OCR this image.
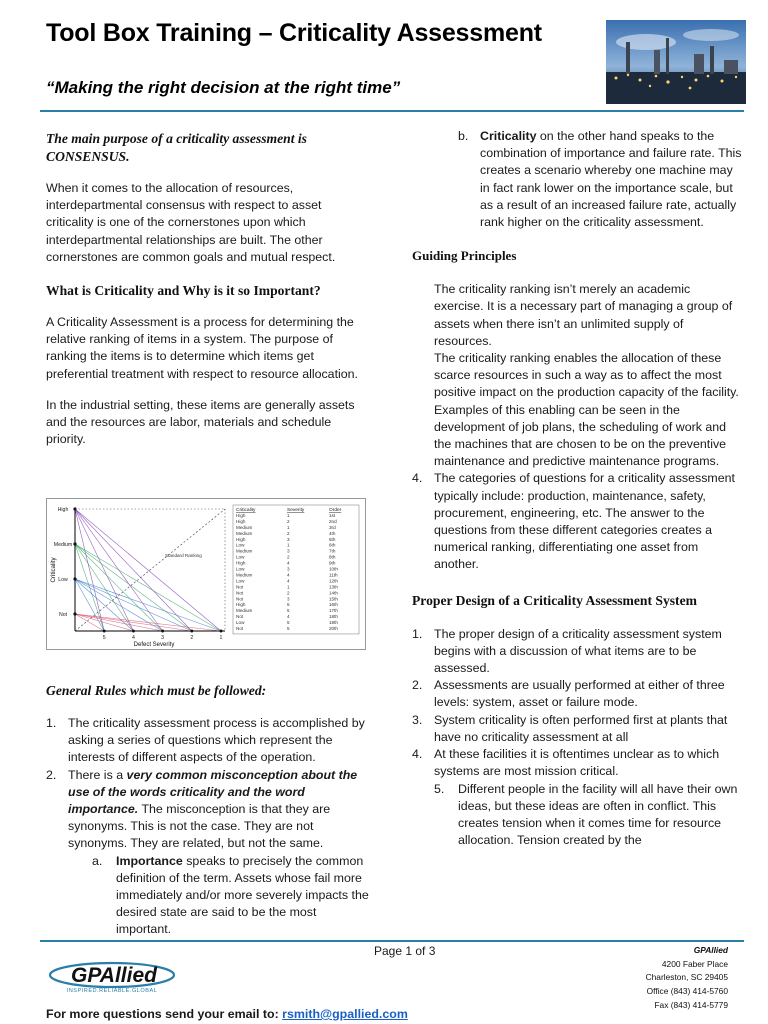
Tool Box Training – Criticality Assessment
“Making the right decision at the right time”

The main purpose of a criticality assessment is CONSENSUS.

When it comes to the allocation of resources, interdepartmental consensus with respect to asset criticality is one of the cornerstones upon which interdepartmental relationships are built. The other cornerstones are common goals and mutual respect.

What is Criticality and Why is it so Important?

A Criticality Assessment is a process for determining the relative ranking of items in a system. The purpose of ranking the items is to determine which items get preferential treatment with respect to resource allocation.

In the industrial setting, these items are generally assets and the resources are labor, materials and schedule priority.

High
Medium
Low
Not
Standard Ranking
5	4	3	2	1
Defect Severity
Criticality
Criticality	Severity	Order
High	1	1st
High	2	2nd
Medium	1	3rd
Medium	2	4th
High	3	5th
Low	1	6th
Medium	3	7th
Low	2	8th
High	4	9th
Low	3	10th
Medium	4	11th
Low	4	12th
Not	1	13th
Not	2	14th
Not	3	15th
High	5	16th
Medium	5	17th
Not	4	18th
Low	5	19th
Not	5	20th

General Rules which must be followed:

1. The criticality assessment process is accomplished by asking a series of questions which represent the interests of different aspects of the operation.
2. There is a very common misconception about the use of the words criticality and the word importance. The misconception is that they are synonyms. This is not the case. They are not synonyms. They are related, but not the same.
a. Importance speaks to precisely the common definition of the term. Assets whose fail more immediately and/or more severely impacts the desired state are said to be the most important.
b. Criticality on the other hand speaks to the combination of importance and failure rate. This creates a scenario whereby one machine may in fact rank lower on the importance scale, but as a result of an increased failure rate, actually rank higher on the criticality assessment.

Guiding Principles

The criticality ranking isn’t merely an academic exercise. It is a necessary part of managing a group of assets when there isn’t an unlimited supply of resources.

The criticality ranking enables the allocation of these scarce resources in such a way as to affect the most positive impact on the production capacity of the facility.

Examples of this enabling can be seen in the development of job plans, the scheduling of work and the machines that are chosen to be on the preventive maintenance and predictive maintenance programs.

4. The categories of questions for a criticality assessment typically include: production, maintenance, safety, procurement, engineering, etc. The answer to the questions from these different categories creates a numerical ranking, differentiating one asset from another.

Proper Design of a Criticality Assessment System

1. The proper design of a criticality assessment system begins with a discussion of what items are to be assessed.
2. Assessments are usually performed at either of three levels: system, asset or failure mode.
3. System criticality is often performed first at plants that have no criticality assessment at all
4. At these facilities it is oftentimes unclear as to which systems are most mission critical.
5. Different people in the facility will all have their own ideas, but these ideas are often in conflict. This creates tension when it comes time for resource allocation. Tension created by the
Page 1 of 3	GPAllied
4200 Faber Place
Charleston, SC 29405
Office (843) 414-5760
Fax (843) 414-5779
GPAllied
INSPIRED.RELIABLE.GLOBAL
For more questions send your email to: rsmith@gpallied.com
